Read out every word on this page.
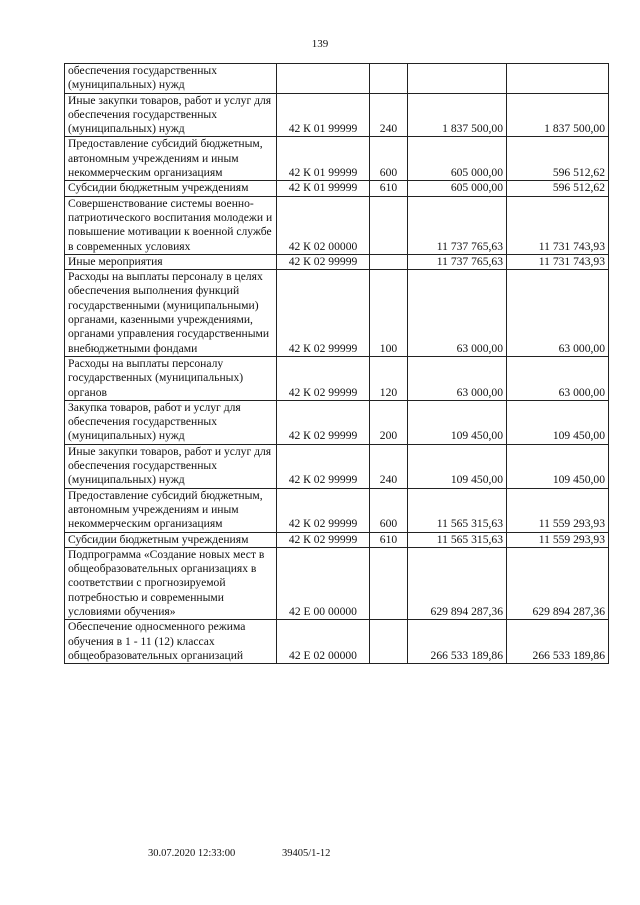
139
обеспечения государственных (муниципальных) нужд				
Иные закупки товаров, работ и услуг для обеспечения государственных (муниципальных) нужд	42 К 01 99999	240	1 837 500,00	1 837 500,00
Предоставление субсидий бюджетным, автономным учреждениям и иным некоммерческим организациям	42 К 01 99999	600	605 000,00	596 512,62
Субсидии бюджетным учреждениям	42 К 01 99999	610	605 000,00	596 512,62
Совершенствование системы военно-патриотического воспитания молодежи и повышение мотивации к военной службе в современных условиях	42 К 02 00000		11 737 765,63	11 731 743,93
Иные мероприятия	42 К 02 99999		11 737 765,63	11 731 743,93
Расходы на выплаты персоналу в целях обеспечения выполнения функций государственными (муниципальными) органами, казенными учреждениями, органами управления государственными внебюджетными фондами	42 К 02 99999	100	63 000,00	63 000,00
Расходы на выплаты персоналу государственных (муниципальных) органов	42 К 02 99999	120	63 000,00	63 000,00
Закупка товаров, работ и услуг для обеспечения государственных (муниципальных) нужд	42 К 02 99999	200	109 450,00	109 450,00
Иные закупки товаров, работ и услуг для обеспечения государственных (муниципальных) нужд	42 К 02 99999	240	109 450,00	109 450,00
Предоставление субсидий бюджетным, автономным учреждениям и иным некоммерческим организациям	42 К 02 99999	600	11 565 315,63	11 559 293,93
Субсидии бюджетным учреждениям	42 К 02 99999	610	11 565 315,63	11 559 293,93
Подпрограмма «Создание новых мест в общеобразовательных организациях в соответствии с прогнозируемой потребностью и современными условиями обучения»	42 Е 00 00000		629 894 287,36	629 894 287,36
Обеспечение односменного режима обучения в 1 - 11 (12) классах общеобразовательных организаций	42 Е 02 00000		266 533 189,86	266 533 189,86
30.07.2020 12:33:00	39405/1-12
